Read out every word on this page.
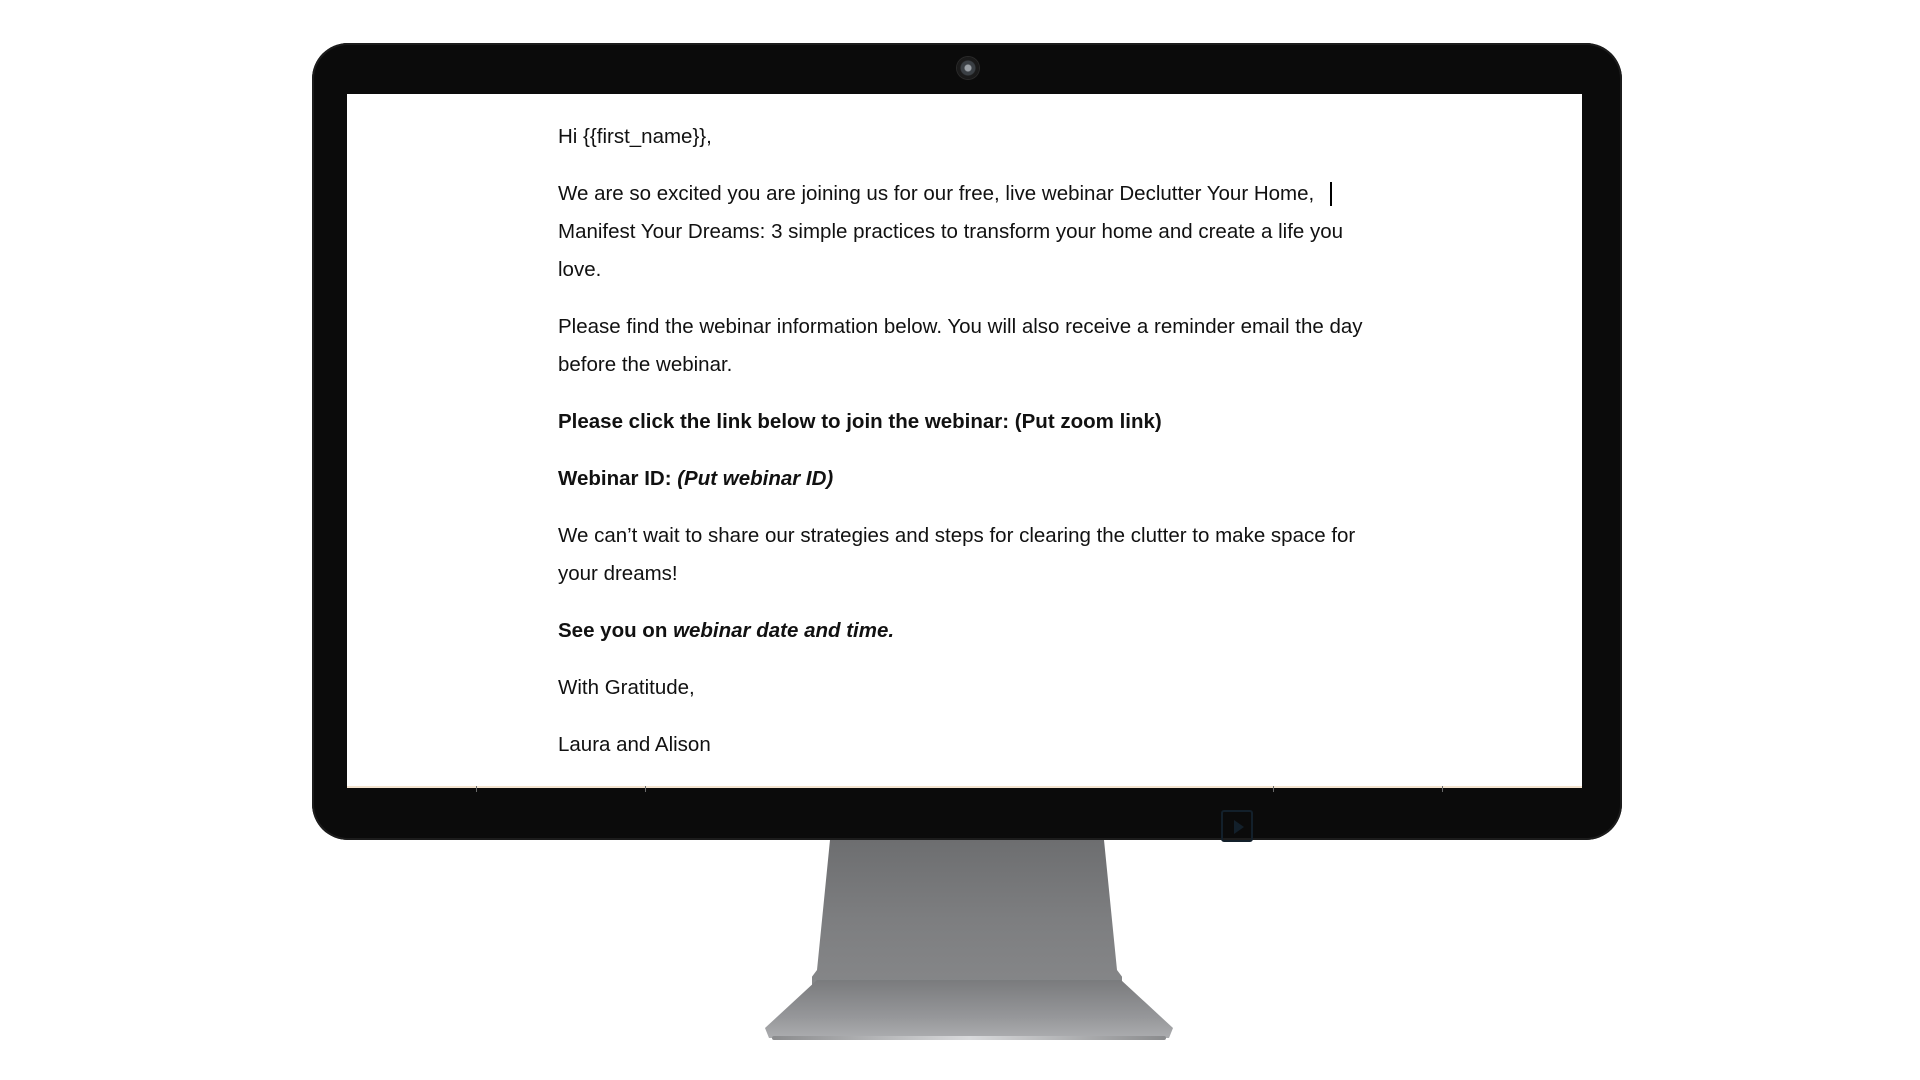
Hi {{first_name}},

We are so excited you are joining us for our free, live webinar Declutter Your Home, Manifest Your Dreams: 3 simple practices to transform your home and create a life you love.

Please find the webinar information below. You will also receive a reminder email the day before the webinar.

Please click the link below to join the webinar: (Put zoom link)

Webinar ID: (Put webinar ID)

We can’t wait to share our strategies and steps for clearing the clutter to make space for your dreams!

See you on webinar date and time.

With Gratitude,

Laura and Alison
